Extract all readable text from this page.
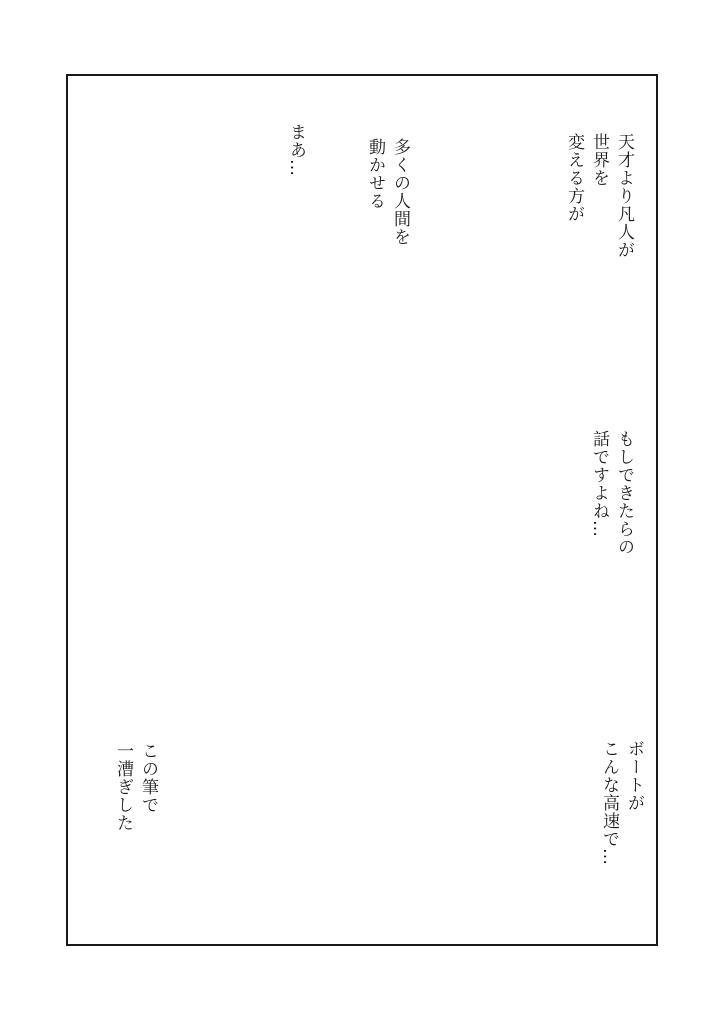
天才より凡人が
世界を
変える方が
多くの人間を
動かせる
まあ…
もしできたらの
話ですよね…
ボートが
こんな高速で…
この筆で
一漕ぎした
